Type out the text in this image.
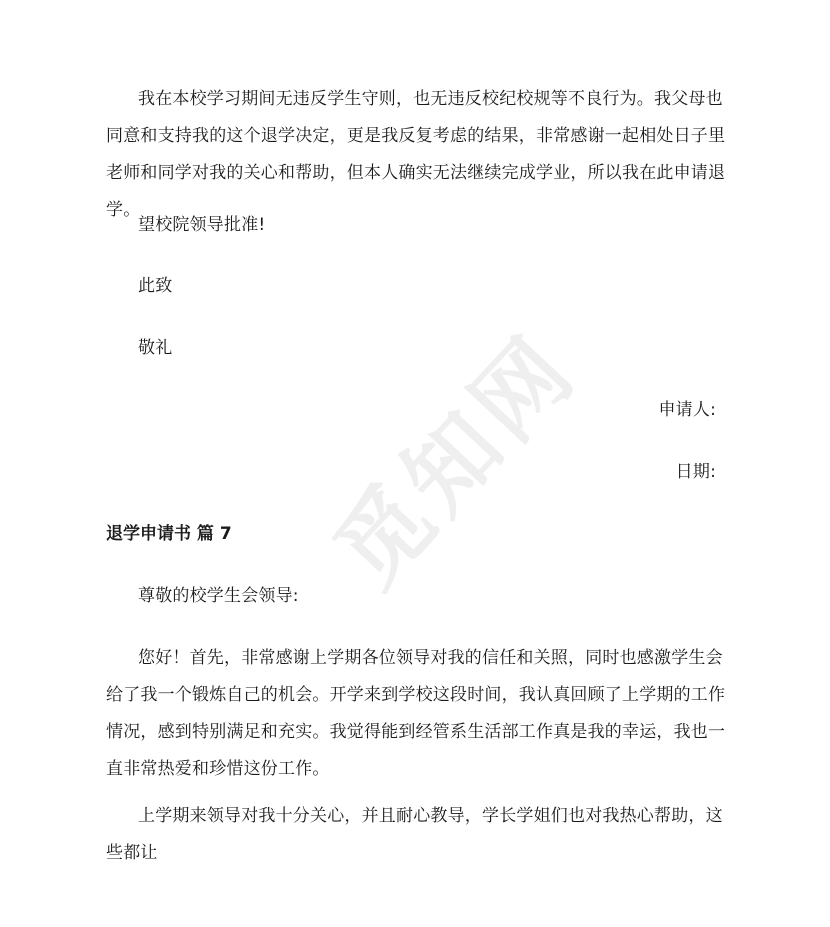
觅知网

我在本校学习期间无违反学生守则，也无违反校纪校规等不良行为。我父母也同意和支持我的这个退学决定，更是我反复考虑的结果，非常感谢一起相处日子里老师和同学对我的关心和帮助，但本人确实无法继续完成学业，所以我在此申请退学。

望校院领导批准!

此致

敬礼

申请人:

日期:

退学申请书 篇 7

尊敬的校学生会领导:

您好！首先，非常感谢上学期各位领导对我的信任和关照，同时也感激学生会给了我一个锻炼自己的机会。开学来到学校这段时间，我认真回顾了上学期的工作情况，感到特别满足和充实。我觉得能到经管系生活部工作真是我的幸运，我也一直非常热爱和珍惜这份工作。

上学期来领导对我十分关心，并且耐心教导，学长学姐们也对我热心帮助，这些都让
